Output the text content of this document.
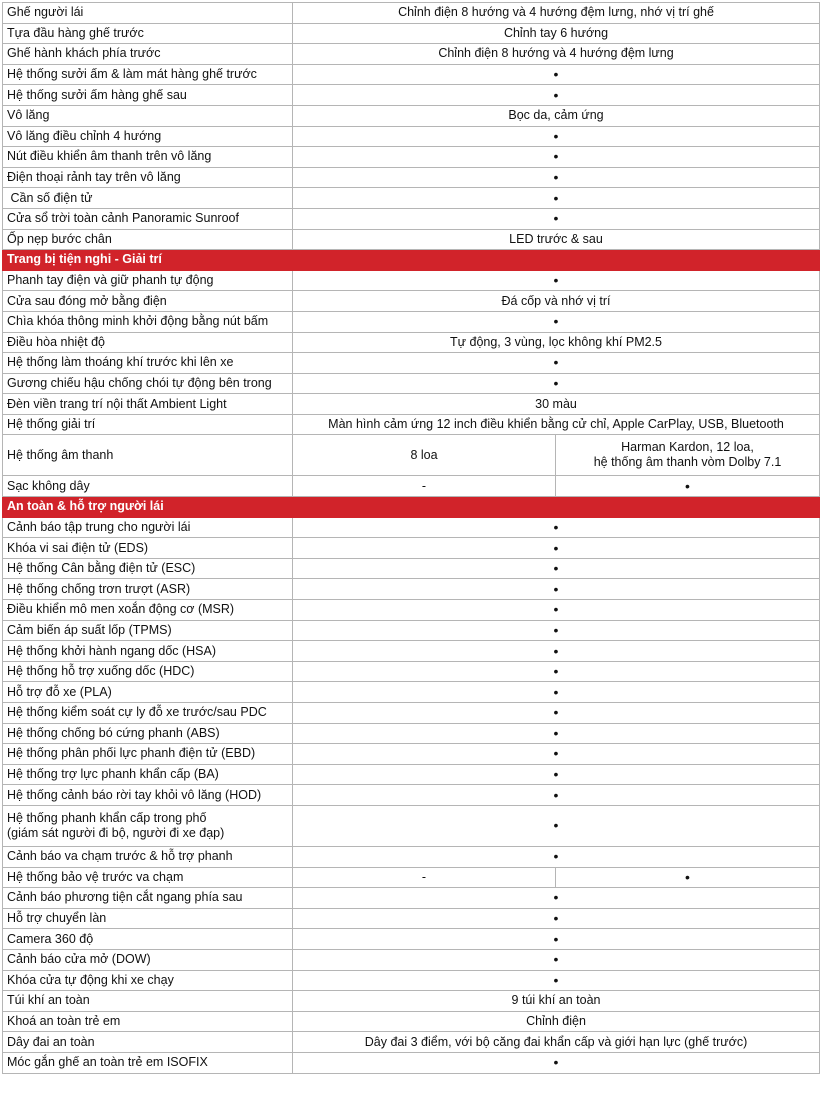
Ghế người lái	Chỉnh điện 8 hướng và 4 hướng đệm lưng, nhớ vị trí ghế	
Tựa đầu hàng ghế trước	Chỉnh tay 6 hướng	
Ghế hành khách phía trước	Chỉnh điện 8 hướng và 4 hướng đệm lưng	
Hệ thống sưởi ấm & làm mát hàng ghế trước	•	
Hệ thống sưởi ấm hàng ghế sau	•	
Vô lăng	Bọc da, cảm ứng	
Vô lăng điều chỉnh 4 hướng	•	
Nút điều khiển âm thanh trên vô lăng	•	
Điện thoại rảnh tay trên vô lăng	•	
Cần số điện tử	•	
Cửa sổ trời toàn cảnh Panoramic Sunroof	•	
Ốp nẹp bước chân	LED trước & sau	
Trang bị tiện nghi - Giải trí		
Phanh tay điện và giữ phanh tự động	•	
Cửa sau đóng mở bằng điện	Đá cốp và nhớ vị trí	
Chìa khóa thông minh khởi động bằng nút bấm	•	
Điều hòa nhiệt độ	Tự động, 3 vùng, lọc không khí PM2.5	
Hệ thống làm thoáng khí trước khi lên xe	•	
Gương chiếu hậu chống chói tự động bên trong	•	
Đèn viền trang trí nội thất Ambient Light	30 màu	
Hệ thống giải trí	Màn hình cảm ứng 12 inch điều khiển bằng cử chỉ, Apple CarPlay, USB, Bluetooth	
Hệ thống âm thanh	8 loa	Harman Kardon, 12 loa,
hệ thống âm thanh vòm Dolby 7.1

Sạc không dây	-	•
An toàn & hỗ trợ người lái		
Cảnh báo tập trung cho người lái	•	
Khóa vi sai điện tử (EDS)	•	
Hệ thống Cân bằng điện tử (ESC)	•	
Hệ thống chống trơn trượt (ASR)	•	
Điều khiển mô men xoắn động cơ (MSR)	•	
Cảm biến áp suất lốp (TPMS)	•	
Hệ thống khởi hành ngang dốc (HSA)	•	
Hệ thống hỗ trợ xuống dốc (HDC)	•	
Hỗ trợ đỗ xe (PLA)	•	
Hệ thống kiểm soát cự ly đỗ xe trước/sau PDC	•	
Hệ thống chống bó cứng phanh (ABS)	•	
Hệ thống phân phối lực phanh điện tử (EBD)	•	
Hệ thống trợ lực phanh khẩn cấp (BA)	•	
Hệ thống cảnh báo rời tay khỏi vô lăng (HOD)	•	

Hệ thống phanh khẩn cấp trong phố
(giám sát người đi bộ, người đi xe đạp)	•	
Cảnh báo va chạm trước & hỗ trợ phanh	•	
Hệ thống bảo vệ trước va chạm	-	•
Cảnh báo phương tiện cắt ngang phía sau	•	
Hỗ trợ chuyển làn	•	
Camera 360 độ	•	
Cảnh báo cửa mở (DOW)	•	
Khóa cửa tự động khi xe chạy	•	
Túi khí an toàn	9 túi khí an toàn	
Khoá an toàn trẻ em	Chỉnh điện	
Dây đai an toàn	Dây đai 3 điểm, với bộ căng đai khẩn cấp và giới hạn lực (ghế trước)	
Móc gắn ghế an toàn trẻ em ISOFIX	•	
